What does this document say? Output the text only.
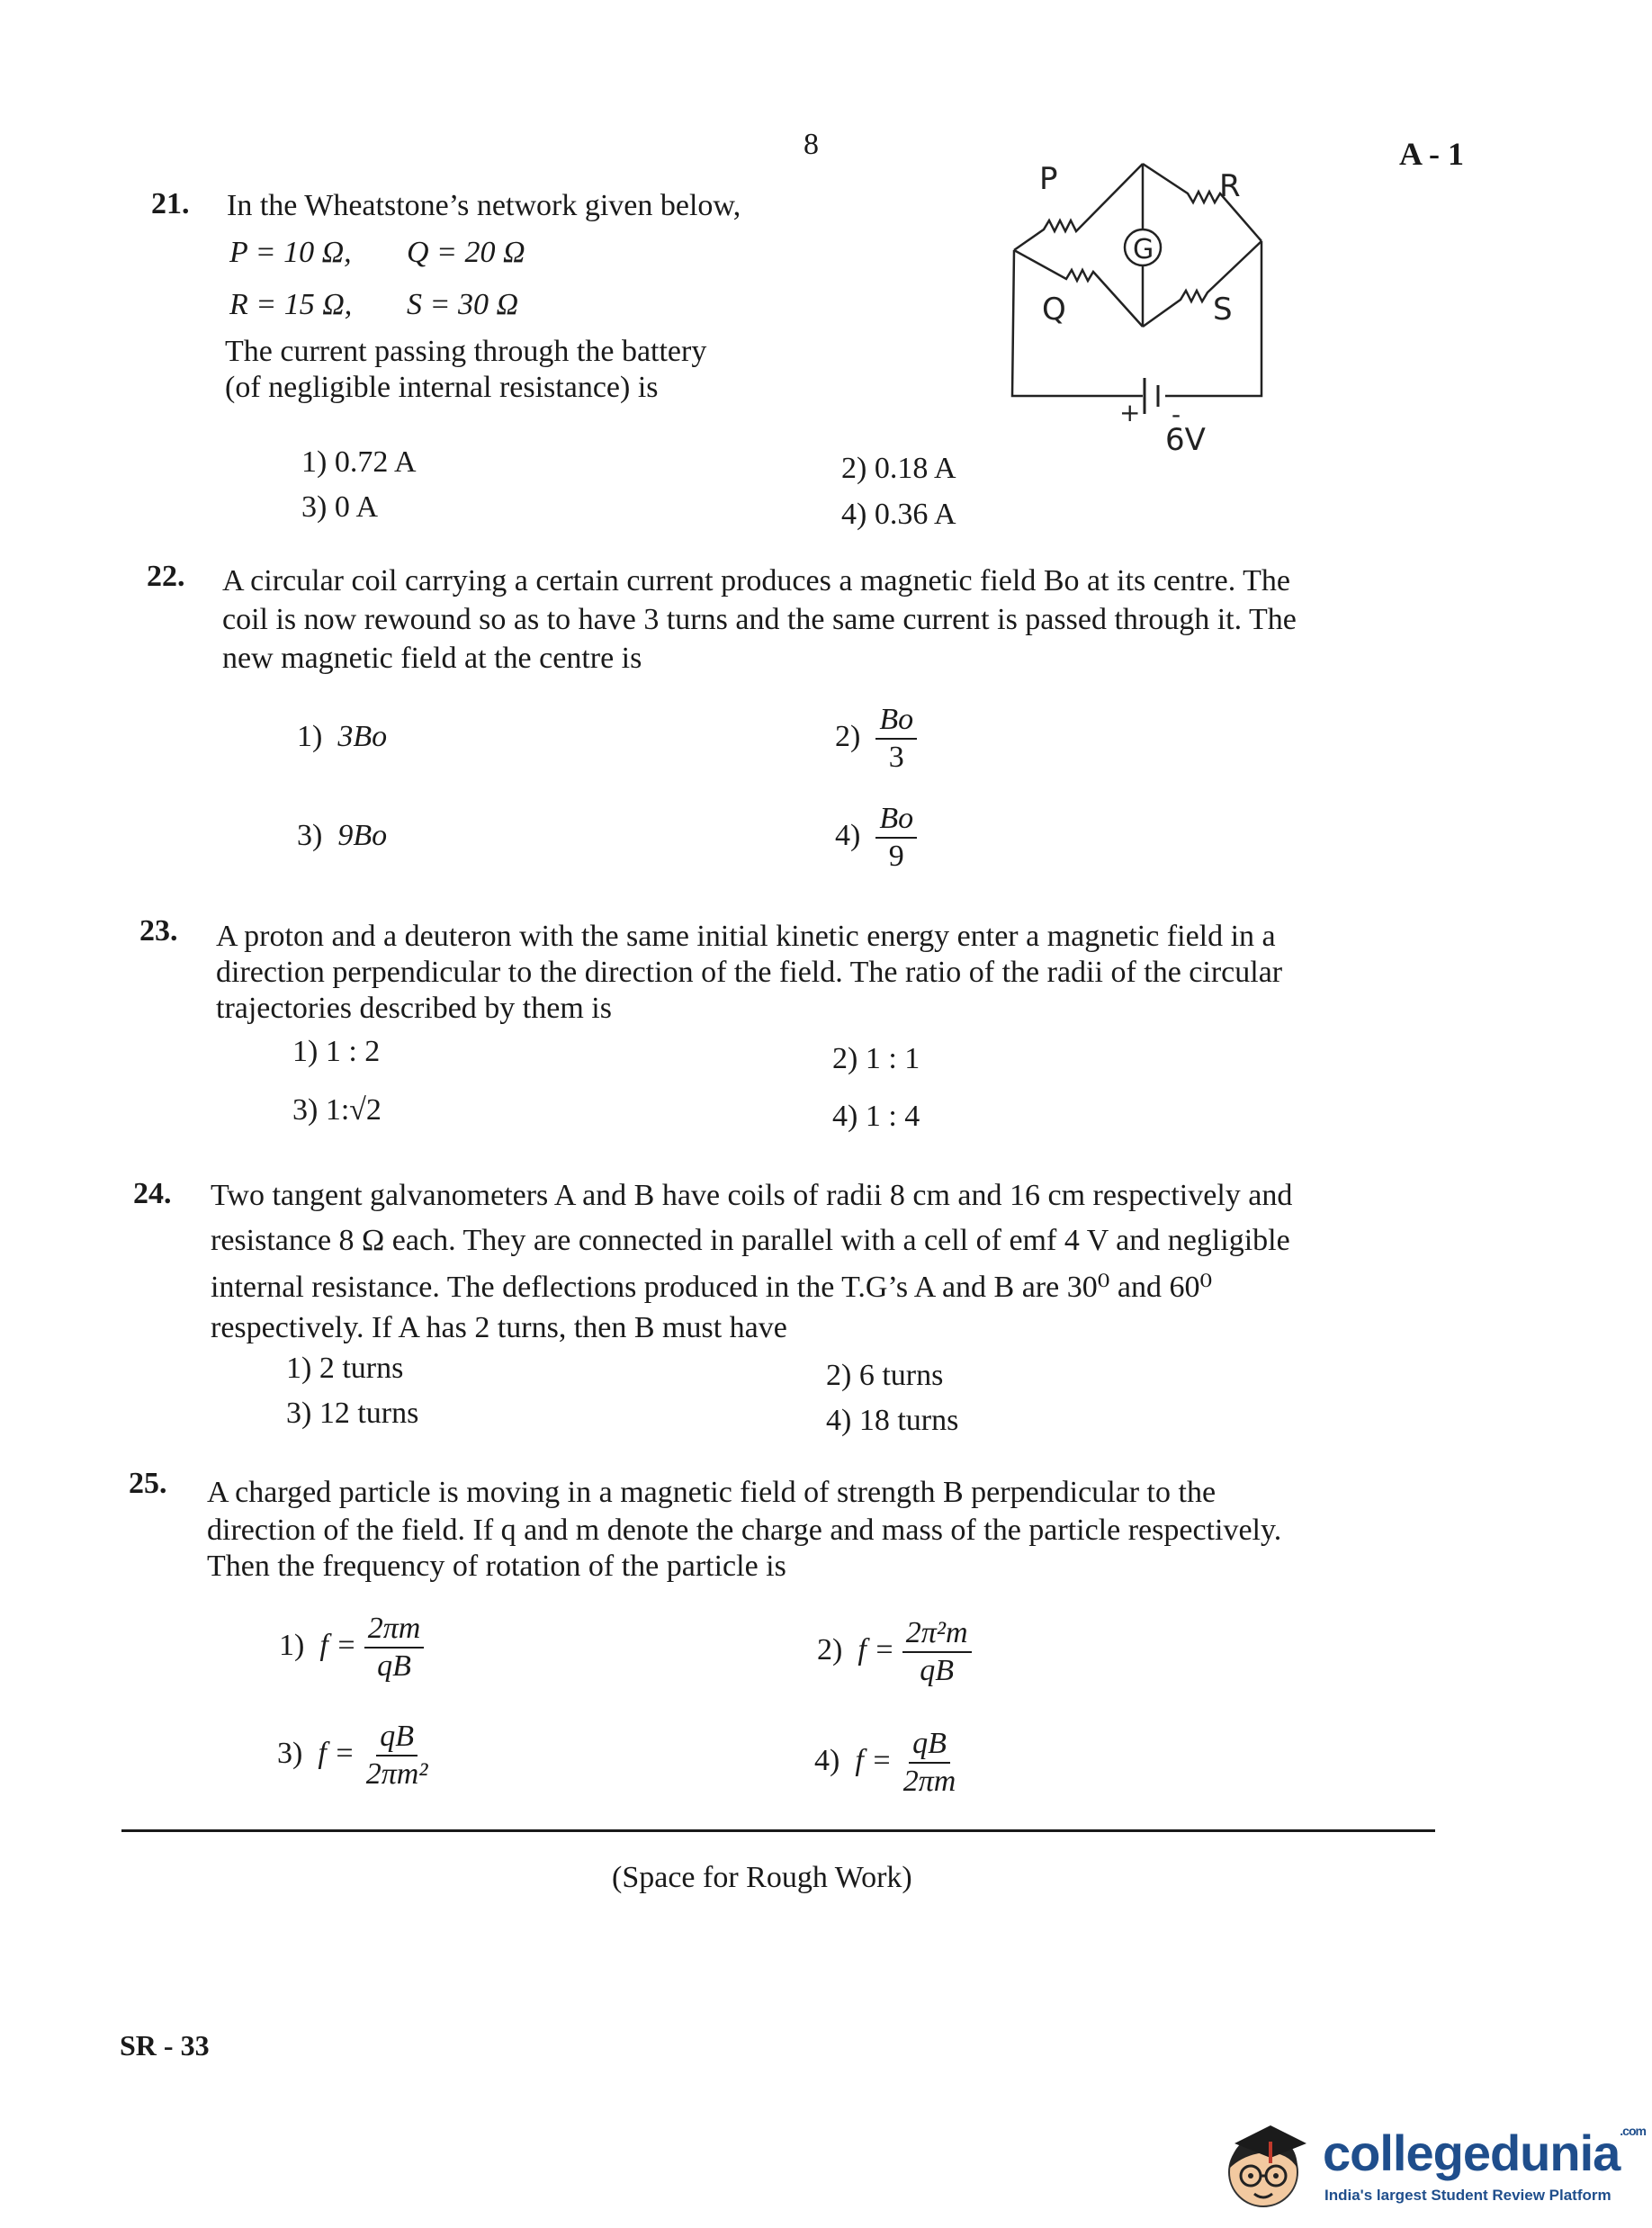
8	A - 1
P	R
Q	S
G
+ -
6V
21. In the Wheatstone’s network given below,
P = 10 Ω, Q = 20 Ω
R = 15 Ω, S = 30 Ω
The current passing through the battery
(of negligible internal resistance) is
1) 0.72 A	2) 0.18 A
3) 0 A	4) 0.36 A
22. A circular coil carrying a certain current produces a magnetic field Bo at its centre. The
coil is now rewound so as to have 3 turns and the same current is passed through it. The
new magnetic field at the centre is
1) 3Bo	$2) \frac{Bo}{3}$
3) 9Bo	$4) \frac{Bo}{9}$
23. A proton and a deuteron with the same initial kinetic energy enter a magnetic field in a
direction perpendicular to the direction of the field. The ratio of the radii of the circular
trajectories described by them is
1) 1 : 2	2) 1 : 1
3) 1:√2	4) 1 : 4
24. Two tangent galvanometers A and B have coils of radii 8 cm and 16 cm respectively and
resistance 8 Ω each. They are connected in parallel with a cell of emf 4 V and negligible
internal resistance. The deflections produced in the T.G’s A and B are 30⁰ and 60⁰
respectively. If A has 2 turns, then B must have
1) 2 turns	2) 6 turns
3) 12 turns	4) 18 turns
25. A charged particle is moving in a magnetic field of strength B perpendicular to the
direction of the field. If q and m denote the charge and mass of the particle respectively.
Then the frequency of rotation of the particle is
1) $f = \frac{2\pi m}{qB}$	2) $f = \frac{\text{2π²m}}{qB}$
3) $f = \frac{qB}{\text{2πm²}}$	4) $f = \frac{qB}{2\pi m}$
(Space for Rough Work)
SR - 33
collegedunia$^{.com}$
India's largest Student Review Platform
